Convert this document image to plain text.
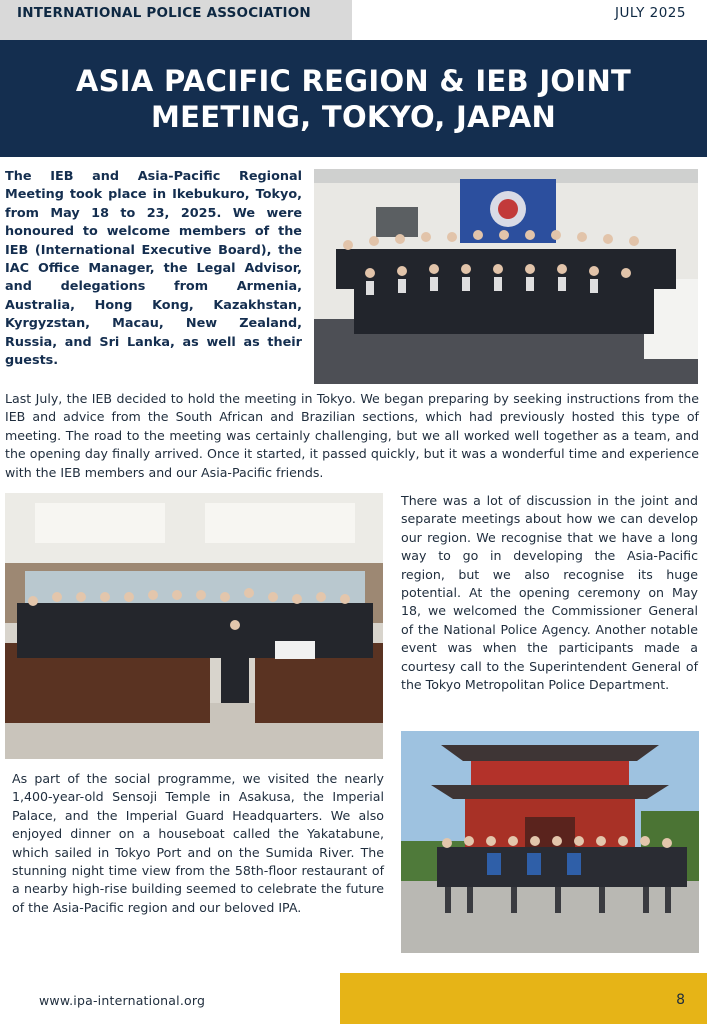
INTERNATIONAL POLICE ASSOCIATION	JULY 2025
ASIA PACIFIC REGION & IEB JOINT MEETING, TOKYO, JAPAN

The IEB and Asia-Pacific Regional Meeting took place in Ikebukuro, Tokyo, from May 18 to 23, 2025. We were honoured to welcome members of the IEB (International Executive Board), the IAC Office Manager, the Legal Advisor, and delegations from Armenia, Australia, Hong Kong, Kazakhstan, Kyrgyzstan, Macau, New Zealand, Russia, and Sri Lanka, as well as their guests.

Last July, the IEB decided to hold the meeting in Tokyo. We began preparing by seeking instructions from the IEB and advice from the South African and Brazilian sections, which had previously hosted this type of meeting. The road to the meeting was certainly challenging, but we all worked well together as a team, and the opening day finally arrived. Once it started, it passed quickly, but it was a wonderful time and experience with the IEB members and our Asia-Pacific friends.

There was a lot of discussion in the joint and separate meetings about how we can develop our region. We recognise that we have a long way to go in developing the Asia-Pacific region, but we also recognise its huge potential. At the opening ceremony on May 18, we welcomed the Commissioner General of the National Police Agency. Another notable event was when the participants made a courtesy call to the Superintendent General of the Tokyo Metropolitan Police Department.

As part of the social programme, we visited the nearly 1,400-year-old Sensoji Temple in Asakusa, the Imperial Palace, and the Imperial Guard Headquarters. We also enjoyed dinner on a houseboat called the Yakatabune, which sailed in Tokyo Port and on the Sumida River. The stunning night time view from the 58th-floor restaurant of a nearby high-rise building seemed to celebrate the future of the Asia-Pacific region and our beloved IPA.

www.ipa-international.org	8
